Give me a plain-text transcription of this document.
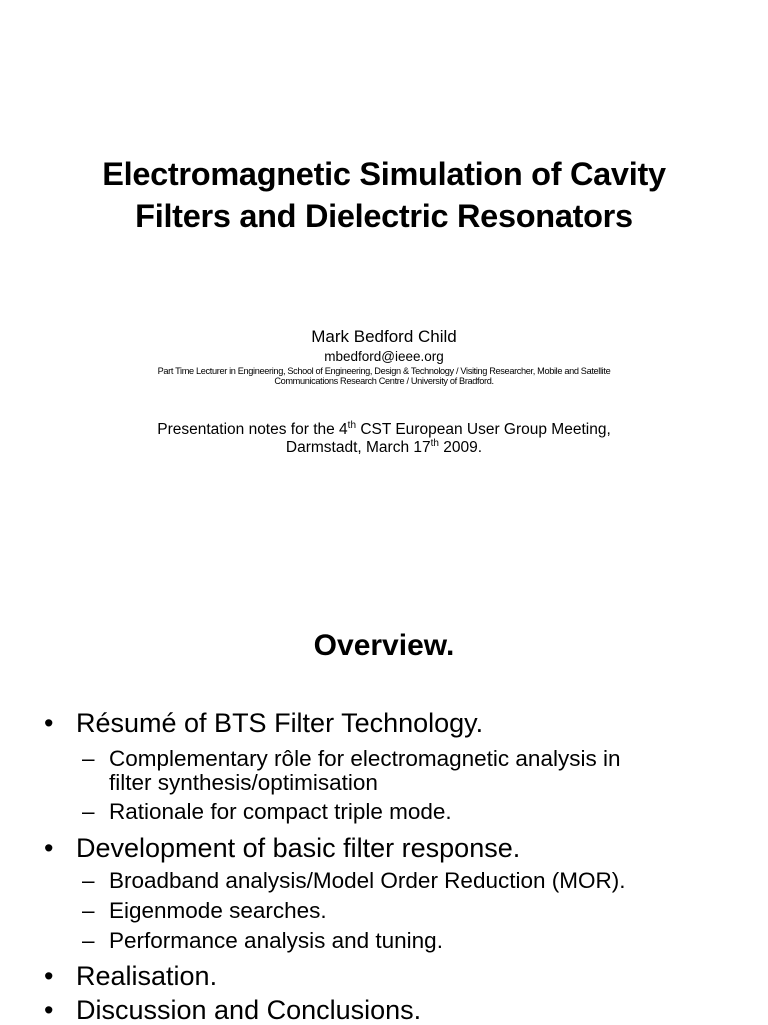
Electromagnetic Simulation of Cavity
Filters and Dielectric Resonators
Mark Bedford Child
mbedford@ieee.org
Part Time Lecturer in Engineering, School of Engineering, Design & Technology / Visiting Researcher, Mobile and Satellite
Communications Research Centre / University of Bradford.
Presentation notes for the 4th CST European User Group Meeting,
Darmstadt, March 17th 2009.
Overview.
• Résumé of BTS Filter Technology.
– Complementary rôle for electromagnetic analysis in
filter synthesis/optimisation
– Rationale for compact triple mode.
• Development of basic filter response.
– Broadband analysis/Model Order Reduction (MOR).
– Eigenmode searches.
– Performance analysis and tuning.
• Realisation.
• Discussion and Conclusions.
